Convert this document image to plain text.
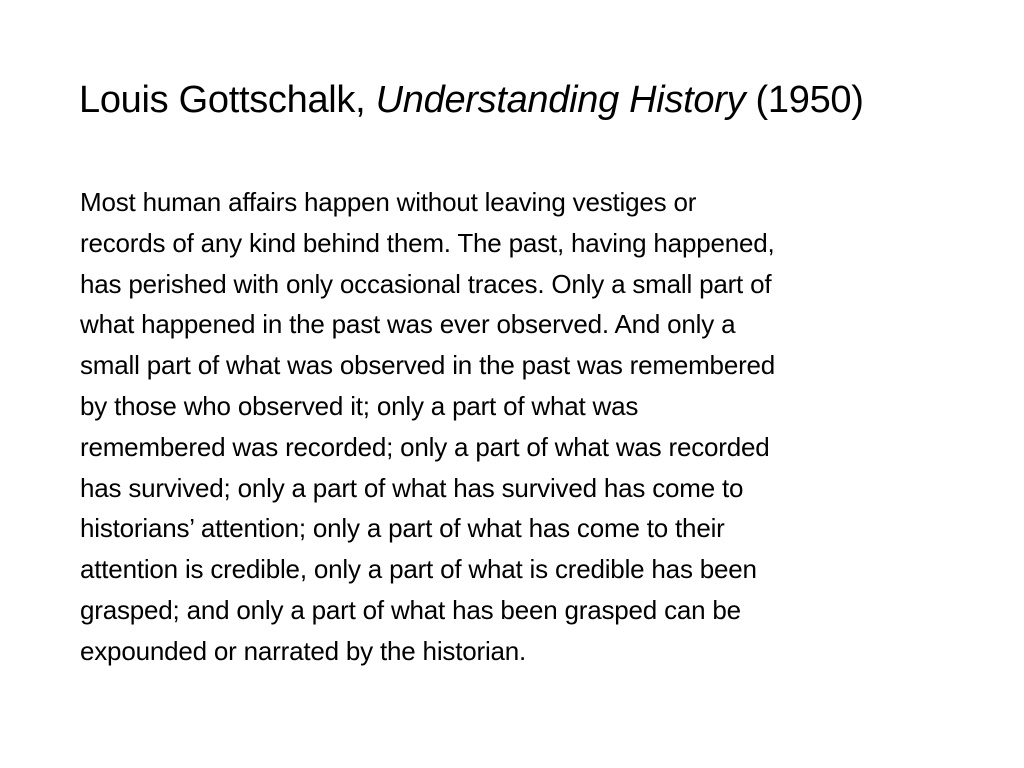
Louis Gottschalk, Understanding History (1950)
Most human affairs happen without leaving vestiges or
records of any kind behind them. The past, having happened,
has perished with only occasional traces. Only a small part of
what happened in the past was ever observed. And only a
small part of what was observed in the past was remembered
by those who observed it; only a part of what was
remembered was recorded; only a part of what was recorded
has survived; only a part of what has survived has come to
historians’ attention; only a part of what has come to their
attention is credible, only a part of what is credible has been
grasped; and only a part of what has been grasped can be
expounded or narrated by the historian.
